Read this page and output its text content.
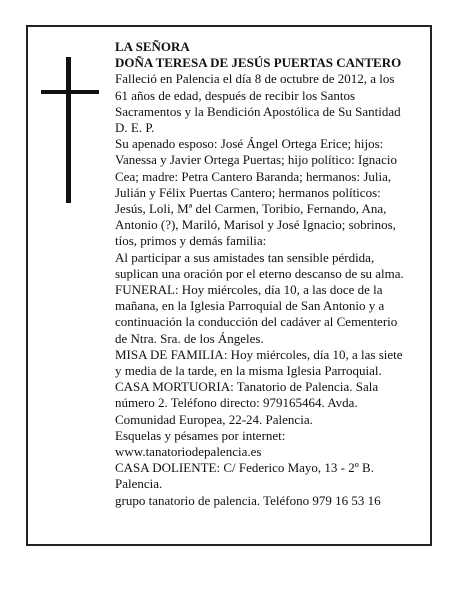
LA SEÑORA
DOÑA TERESA DE JESÚS PUERTAS CANTERO

Falleció en Palencia el día 8 de octubre de 2012, a los
61 años de edad, después de recibir los Santos
Sacramentos y la Bendición Apostólica de Su Santidad
D. E. P.

Su apenado esposo: José Ángel Ortega Erice; hijos:
Vanessa y Javier Ortega Puertas; hijo político: Ignacio
Cea; madre: Petra Cantero Baranda; hermanos: Julia,
Julián y Félix Puertas Cantero; hermanos políticos:
Jesús, Loli, Mª del Carmen, Toribio, Fernando, Ana,
Antonio (?), Mariló, Marisol y José Ignacio; sobrinos,
tíos, primos y demás familia:

Al participar a sus amistades tan sensible pérdida,
suplican una oración por el eterno descanso de su alma.

FUNERAL: Hoy miércoles, día 10, a las doce de la
mañana, en la Iglesia Parroquial de San Antonio y a
continuación la conducción del cadáver al Cementerio
de Ntra. Sra. de los Ángeles.

MISA DE FAMILIA: Hoy miércoles, día 10, a las siete
y media de la tarde, en la misma Iglesia Parroquial.

CASA MORTUORIA: Tanatorio de Palencia. Sala
número 2. Teléfono directo: 979165464. Avda.
Comunidad Europea, 22-24. Palencia.

Esquelas y pésames por internet:
www.tanatoriodepalencia.es

CASA DOLIENTE: C/ Federico Mayo, 13 - 2º B.
Palencia.

grupo tanatorio de palencia. Teléfono 979 16 53 16
